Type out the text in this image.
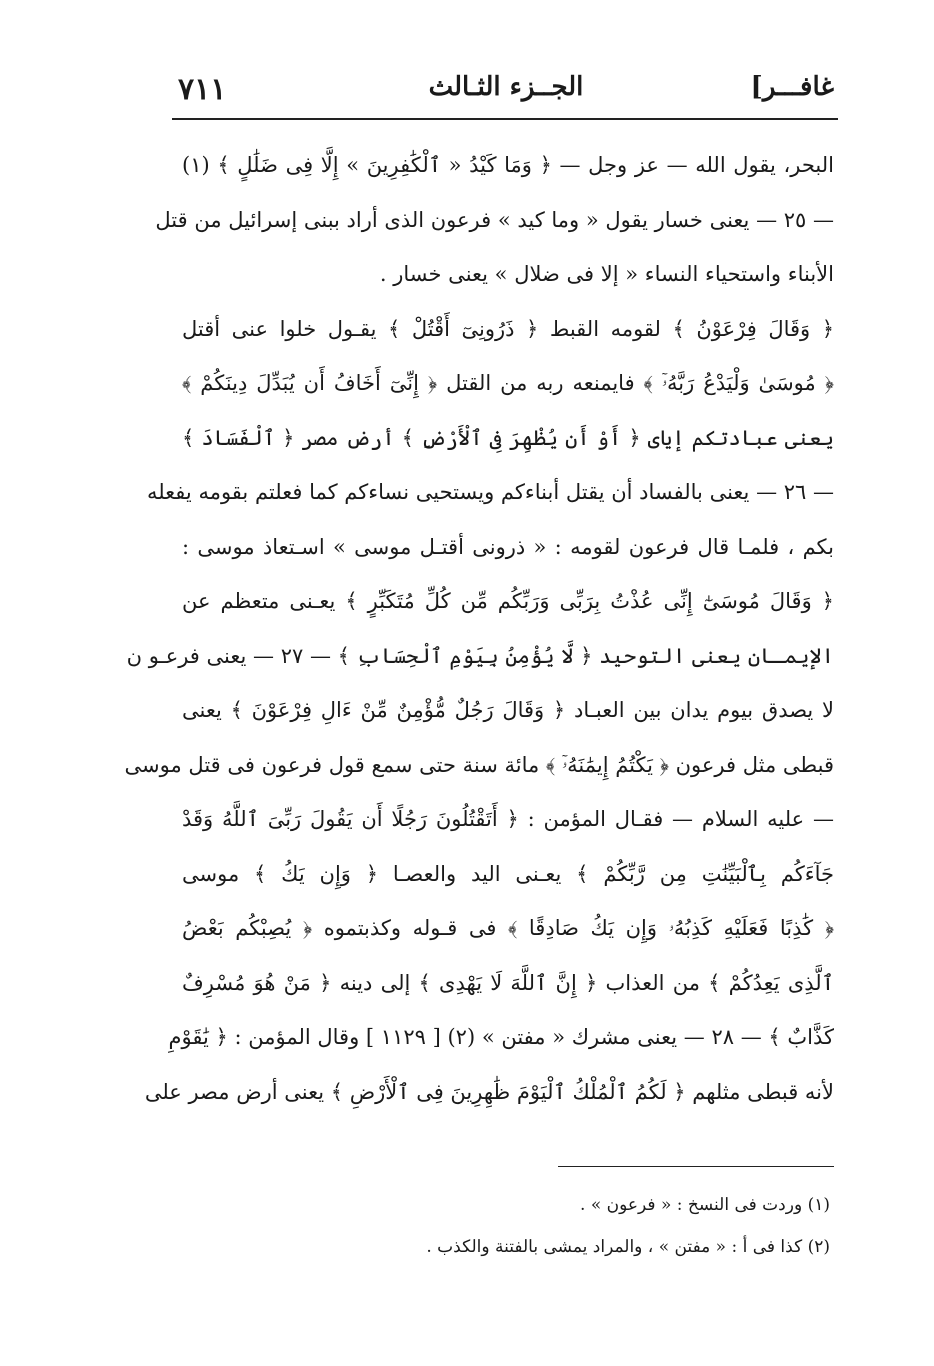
٧١١	الجــزء الثـالث	غافـــر]
البحر، يقول الله — عز وجل — ﴿ وَمَا كَيْدُ « ٱلْكَٰفِرِينَ » إِلَّا فِى ضَلَٰلٍ ﴾ (١)
— ٢٥ — يعنى خسار يقول « وما كيد » فرعون الذى أراد ببنى إسرائيل من قتل
الأبناء واستحياء النساء « إلا فى ضلال » يعنى خسار .
﴿ وَقَالَ فِرْعَوْنُ ﴾ لقومه القبط ﴿ ذَرُونِىٓ أَقْتُلْ ﴾ يقـول خلوا عنى أقتل
﴿ مُوسَىٰ وَلْيَدْعُ رَبَّهُۥٓ ﴾ فايمنعه ربه من القتل ﴿ إِنِّىٓ أَخَافُ أَن يُبَدِّلَ دِينَكُمْ ﴾
يعنى عبادتكم إياى ﴿ أَوْ أَن يُظْهِرَ فِى ٱلْأَرْضِ ﴾ أرض مصر ﴿ ٱلْفَسَادَ ﴾
— ٢٦ — يعنى بالفساد أن يقتل أبناءكم ويستحيى نساءكم كما فعلتم بقومه يفعله
بكم ، فلمـا قال فرعون لقومه : « ذرونى أقتـل موسى » اسـتعاذ موسى :
﴿ وَقَالَ مُوسَىٰٓ إِنِّى عُذْتُ بِرَبِّى وَرَبِّكُم مِّن كُلِّ مُتَكَبِّرٍ ﴾ يعـنى متعظم عن
الإيمـان يعنى التوحيد ﴿ لَّا يُؤْمِنُ بِيَوْمِ ٱلْحِسَابِ ﴾ — ٢٧ — يعنى فرعـو ن
لا يصدق بيوم يدان بين العبـاد ﴿ وَقَالَ رَجُلٌ مُّؤْمِنٌ مِّنْ ءَالِ فِرْعَوْنَ ﴾ يعنى
قبطى مثل فرعون ﴿ يَكْتُمُ إِيمَٰنَهُۥٓ ﴾ مائة سنة حتى سمع قول فرعون فى قتل موسى
— عليه السلام — فقـال المؤمن : ﴿ أَتَقْتُلُونَ رَجُلًا أَن يَقُولَ رَبِّىَ ٱللَّهُ وَقَدْ
جَآءَكُم بِٱلْبَيِّنَٰتِ مِن رَّبِّكُمْ ﴾ يعـنى اليد والعصـا ﴿ وَإِن يَكُ ﴾ موسى
﴿ كَٰذِبًا فَعَلَيْهِ كَذِبُهُۥ وَإِن يَكُ صَادِقًا ﴾ فى قـوله وكذبتموه ﴿ يُصِبْكُم بَعْضُ
ٱلَّذِى يَعِدُكُمْ ﴾ من العذاب ﴿ إِنَّ ٱللَّهَ لَا يَهْدِى ﴾ إلى دينه ﴿ مَنْ هُوَ مُسْرِفٌ
كَذَّابٌ ﴾ — ٢٨ — يعنى مشرك « مفتن » (٢) [ ١١٢٩ ] وقال المؤمن : ﴿ يَٰقَوْمِ
لأنه قبطى مثلهم ﴿ لَكُمُ ٱلْمُلْكُ ٱلْيَوْمَ ظَٰهِرِينَ فِى ٱلْأَرْضِ ﴾ يعنى أرض مصر على
(١) وردت فى النسخ : « فرعون » .
(٢) كذا فى أ : « مفتن » ، والمراد يمشى بالفتنة والكذب .
